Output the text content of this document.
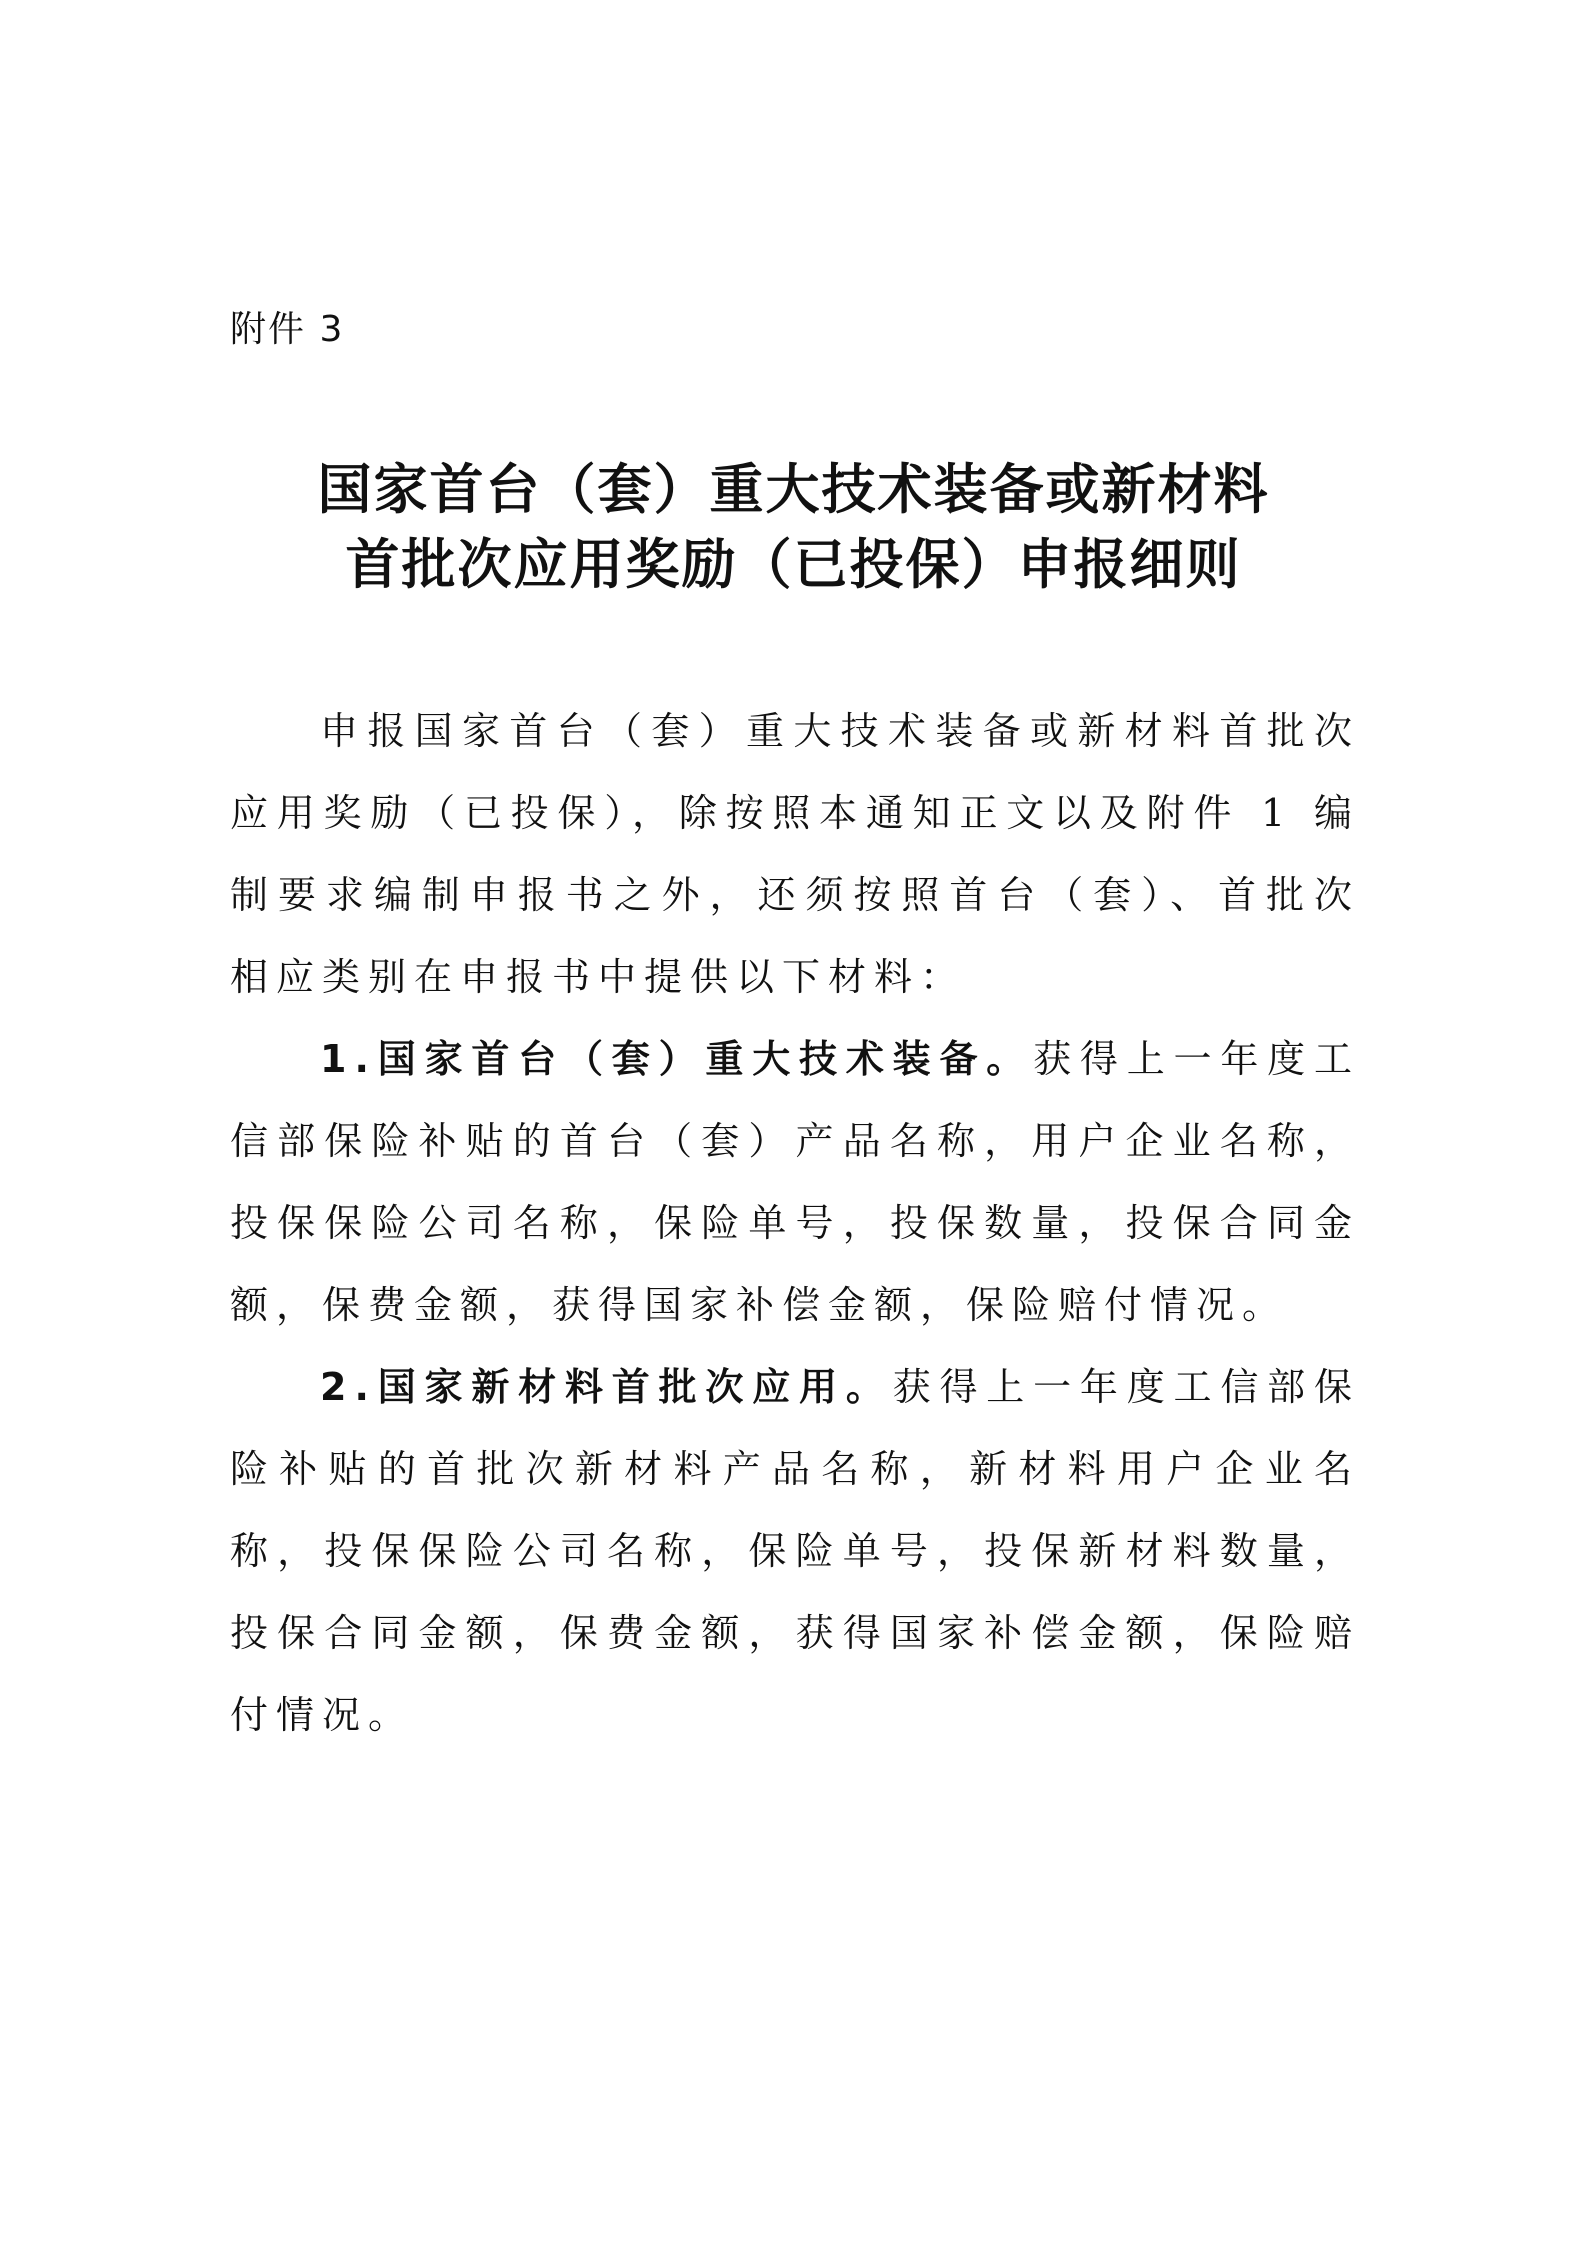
附件 3
国家首台（套）重大技术装备或新材料
首批次应用奖励（已投保）申报细则

申报国家首台（套）重大技术装备或新材料首批次应用奖励（已投保），除按照本通知正文以及附件 1 编制要求编制申报书之外，还须按照首台（套）、首批次相应类别在申报书中提供以下材料：

1.国家首台（套）重大技术装备。获得上一年度工信部保险补贴的首台（套）产品名称，用户企业名称，投保保险公司名称，保险单号，投保数量，投保合同金额，保费金额，获得国家补偿金额，保险赔付情况。

2.国家新材料首批次应用。获得上一年度工信部保险补贴的首批次新材料产品名称，新材料用户企业名称，投保保险公司名称，保险单号，投保新材料数量，投保合同金额，保费金额，获得国家补偿金额，保险赔付情况。
